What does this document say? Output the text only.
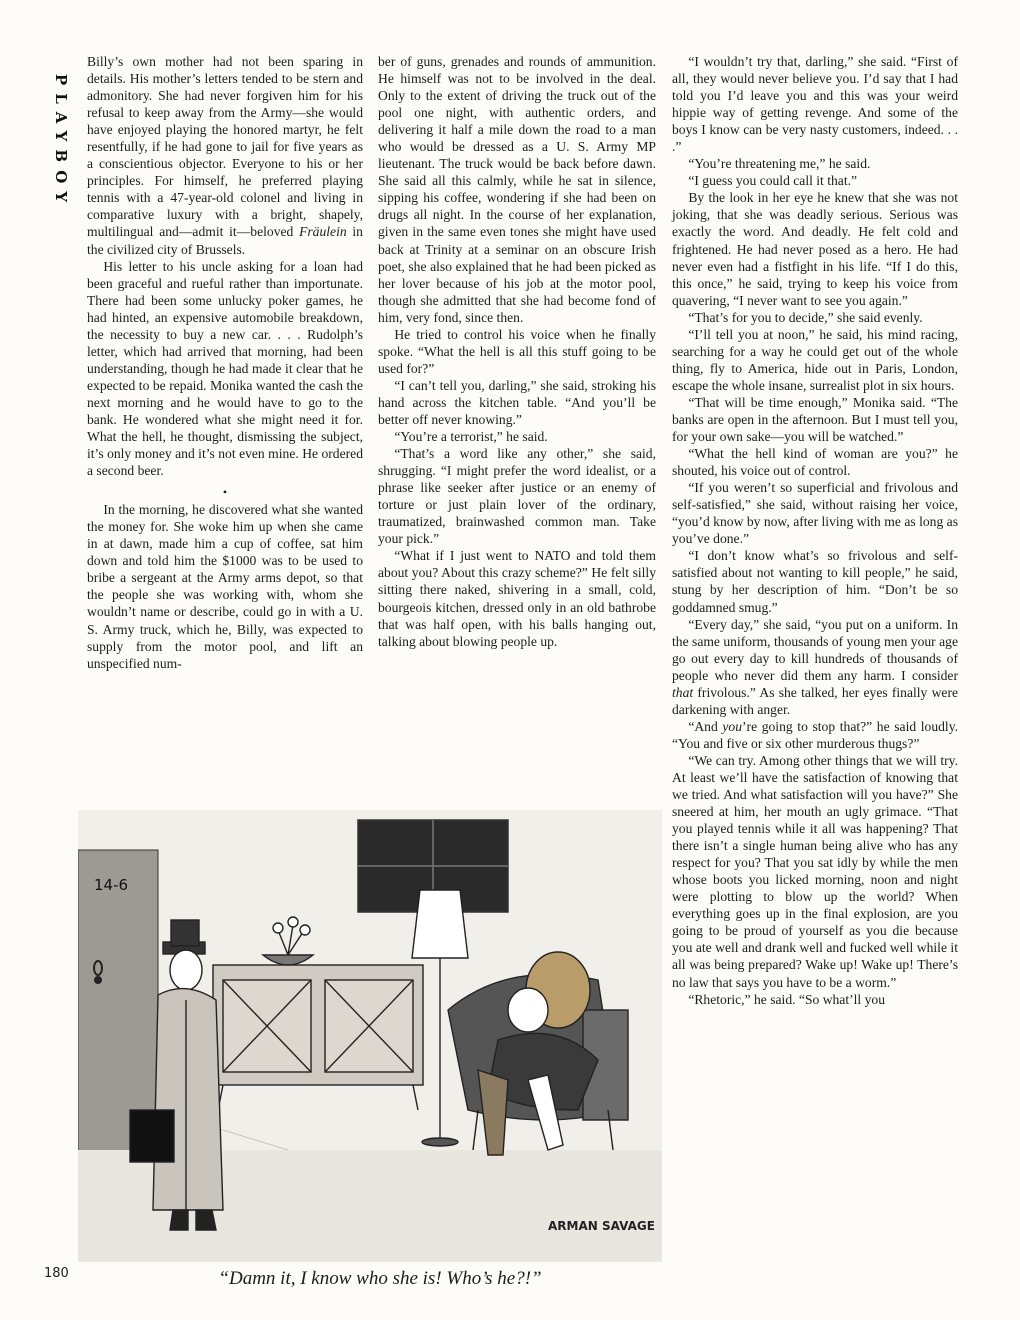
PLAYBOY

Billy’s own mother had not been sparing in details. His mother’s letters tended to be stern and admonitory. She had never forgiven him for his refusal to keep away from the Army—she would have enjoyed playing the honored martyr, he felt resentfully, if he had gone to jail for five years as a conscientious objector. Everyone to his or her principles. For himself, he preferred playing tennis with a 47-year-old colonel and living in comparative luxury with a bright, shapely, multilingual and—admit it—beloved Fräulein in the civilized city of Brussels.

His letter to his uncle asking for a loan had been graceful and rueful rather than importunate. There had been some unlucky poker games, he had hinted, an expensive automobile breakdown, the necessity to buy a new car. . . . Rudolph’s letter, which had arrived that morning, had been understanding, though he had made it clear that he expected to be repaid. Monika wanted the cash the next morning and he would have to go to the bank. He wondered what she might need it for. What the hell, he thought, dismissing the subject, it’s only money and it’s not even mine. He ordered a second beer.

•

In the morning, he discovered what she wanted the money for. She woke him up when she came in at dawn, made him a cup of coffee, sat him down and told him the $1000 was to be used to bribe a sergeant at the Army arms depot, so that the people she was working with, whom she wouldn’t name or describe, could go in with a U. S. Army truck, which he, Billy, was expected to supply from the motor pool, and lift an unspecified num-

ber of guns, grenades and rounds of ammunition. He himself was not to be involved in the deal. Only to the extent of driving the truck out of the pool one night, with authentic orders, and delivering it half a mile down the road to a man who would be dressed as a U. S. Army MP lieutenant. The truck would be back before dawn. She said all this calmly, while he sat in silence, sipping his coffee, wondering if she had been on drugs all night. In the course of her explanation, given in the same even tones she might have used back at Trinity at a seminar on an obscure Irish poet, she also explained that he had been picked as her lover because of his job at the motor pool, though she admitted that she had become fond of him, very fond, since then.

He tried to control his voice when he finally spoke. “What the hell is all this stuff going to be used for?”

“I can’t tell you, darling,” she said, stroking his hand across the kitchen table. “And you’ll be better off never knowing.”

“You’re a terrorist,” he said.

“That’s a word like any other,” she said, shrugging. “I might prefer the word idealist, or a phrase like seeker after justice or an enemy of torture or just plain lover of the ordinary, traumatized, brainwashed common man. Take your pick.”

“What if I just went to NATO and told them about you? About this crazy scheme?” He felt silly sitting there naked, shivering in a small, cold, bourgeois kitchen, dressed only in an old bathrobe that was half open, with his balls hanging out, talking about blowing people up.

“I wouldn’t try that, darling,” she said. “First of all, they would never believe you. I’d say that I had told you I’d leave you and this was your weird hippie way of getting revenge. And some of the boys I know can be very nasty customers, indeed. . . .”

“You’re threatening me,” he said.

“I guess you could call it that.”

By the look in her eye he knew that she was not joking, that she was deadly serious. Serious was exactly the word. And deadly. He felt cold and frightened. He had never posed as a hero. He had never even had a fistfight in his life. “If I do this, this once,” he said, trying to keep his voice from quavering, “I never want to see you again.”

“That’s for you to decide,” she said evenly.

“I’ll tell you at noon,” he said, his mind racing, searching for a way he could get out of the whole thing, fly to America, hide out in Paris, London, escape the whole insane, surrealist plot in six hours.

“That will be time enough,” Monika said. “The banks are open in the afternoon. But I must tell you, for your own sake—you will be watched.”

“What the hell kind of woman are you?” he shouted, his voice out of control.

“If you weren’t so superficial and frivolous and self-satisfied,” she said, without raising her voice, “you’d know by now, after living with me as long as you’ve done.”

“I don’t know what’s so frivolous and self-satisfied about not wanting to kill people,” he said, stung by her description of him. “Don’t be so goddamned smug.”

“Every day,” she said, “you put on a uniform. In the same uniform, thousands of young men your age go out every day to kill hundreds of thousands of people who never did them any harm. I consider that frivolous.” As she talked, her eyes finally were darkening with anger.

“And you’re going to stop that?” he said loudly. “You and five or six other murderous thugs?”

“We can try. Among other things that we will try. At least we’ll have the satisfaction of knowing that we tried. And what satisfaction will you have?” She sneered at him, her mouth an ugly grimace. “That you played tennis while it all was happening? That there isn’t a single human being alive who has any respect for you? That you sat idly by while the men whose boots you licked morning, noon and night were plotting to blow up the world? When everything goes up in the final explosion, are you going to be proud of yourself as you die because you ate well and drank well and fucked well while it all was being prepared? Wake up! Wake up! There’s no law that says you have to be a worm.”

“Rhetoric,” he said. “So what’ll you

14-6
ARMAN SAVAGE
“Damn it, I know who she is! Who’s he?!”
180
